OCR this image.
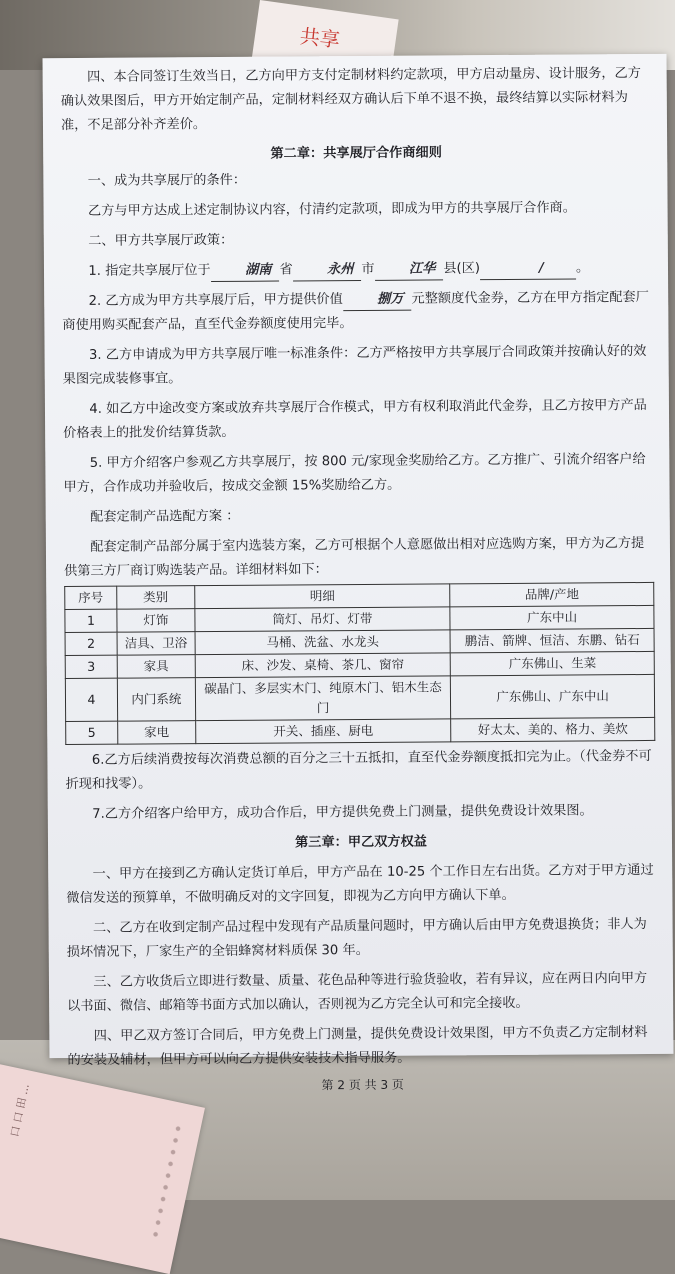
共享
口 口 田 ...

四、本合同签订生效当日，乙方向甲方支付定制材料约定款项，甲方启动量房、设计服务，乙方确认效果图后，甲方开始定制产品，定制材料经双方确认后下单不退不换，最终结算以实际材料为准，不足部分补齐差价。

第二章：共享展厅合作商细则

一、成为共享展厅的条件：

乙方与甲方达成上述定制协议内容，付清约定款项，即成为甲方的共享展厅合作商。

二、甲方共享展厅政策：

1. 指定共享展厅位于	湖南 省	永州 市	江华 县(区)	/ 。

2. 乙方成为甲方共享展厅后，甲方提供价值	捌万 元整额度代金券，乙方在甲方指定配套厂商使用购买配套产品，直至代金券额度使用完毕。

3. 乙方申请成为甲方共享展厅唯一标准条件：乙方严格按甲方共享展厅合同政策并按确认好的效果图完成装修事宜。

4. 如乙方中途改变方案或放弃共享展厅合作模式，甲方有权利取消此代金券，且乙方按甲方产品价格表上的批发价结算货款。

5. 甲方介绍客户参观乙方共享展厅，按 800 元/家现金奖励给乙方。乙方推广、引流介绍客户给甲方，合作成功并验收后，按成交金额 15%奖励给乙方。

配套定制产品选配方案 ：

配套定制产品部分属于室内选装方案，乙方可根据个人意愿做出相对应选购方案，甲方为乙方提供第三方厂商订购选装产品。详细材料如下：

序号	类别	明细	品牌/产地
1	灯饰	筒灯、吊灯、灯带	广东中山
2	洁具、卫浴	马桶、洗盆、水龙头	鹏洁、箭牌、恒洁、东鹏、钻石
3	家具	床、沙发、桌椅、茶几、窗帘	广东佛山、生菜
4	内门系统	碳晶门、多层实木门、纯原木门、铝木生态门	广东佛山、广东中山
5	家电	开关、插座、厨电	好太太、美的、格力、美炊

6.乙方后续消费按每次消费总额的百分之三十五抵扣，直至代金券额度抵扣完为止。（代金券不可折现和找零）。

7.乙方介绍客户给甲方，成功合作后，甲方提供免费上门测量，提供免费设计效果图。

第三章：甲乙双方权益

一、甲方在接到乙方确认定货订单后，甲方产品在 10-25 个工作日左右出货。乙方对于甲方通过微信发送的预算单，不做明确反对的文字回复，即视为乙方向甲方确认下单。

二、乙方在收到定制产品过程中发现有产品质量问题时，甲方确认后由甲方免费退换货；非人为损坏情况下，厂家生产的全铝蜂窝材料质保 30 年。

三、乙方收货后立即进行数量、质量、花色品种等进行验货验收，若有异议，应在两日内向甲方以书面、微信、邮箱等书面方式加以确认，否则视为乙方完全认可和完全接收。

四、甲乙双方签订合同后，甲方免费上门测量，提供免费设计效果图，甲方不负责乙方定制材料的安装及辅材，但甲方可以向乙方提供安装技术指导服务。

第 2 页 共 3 页
